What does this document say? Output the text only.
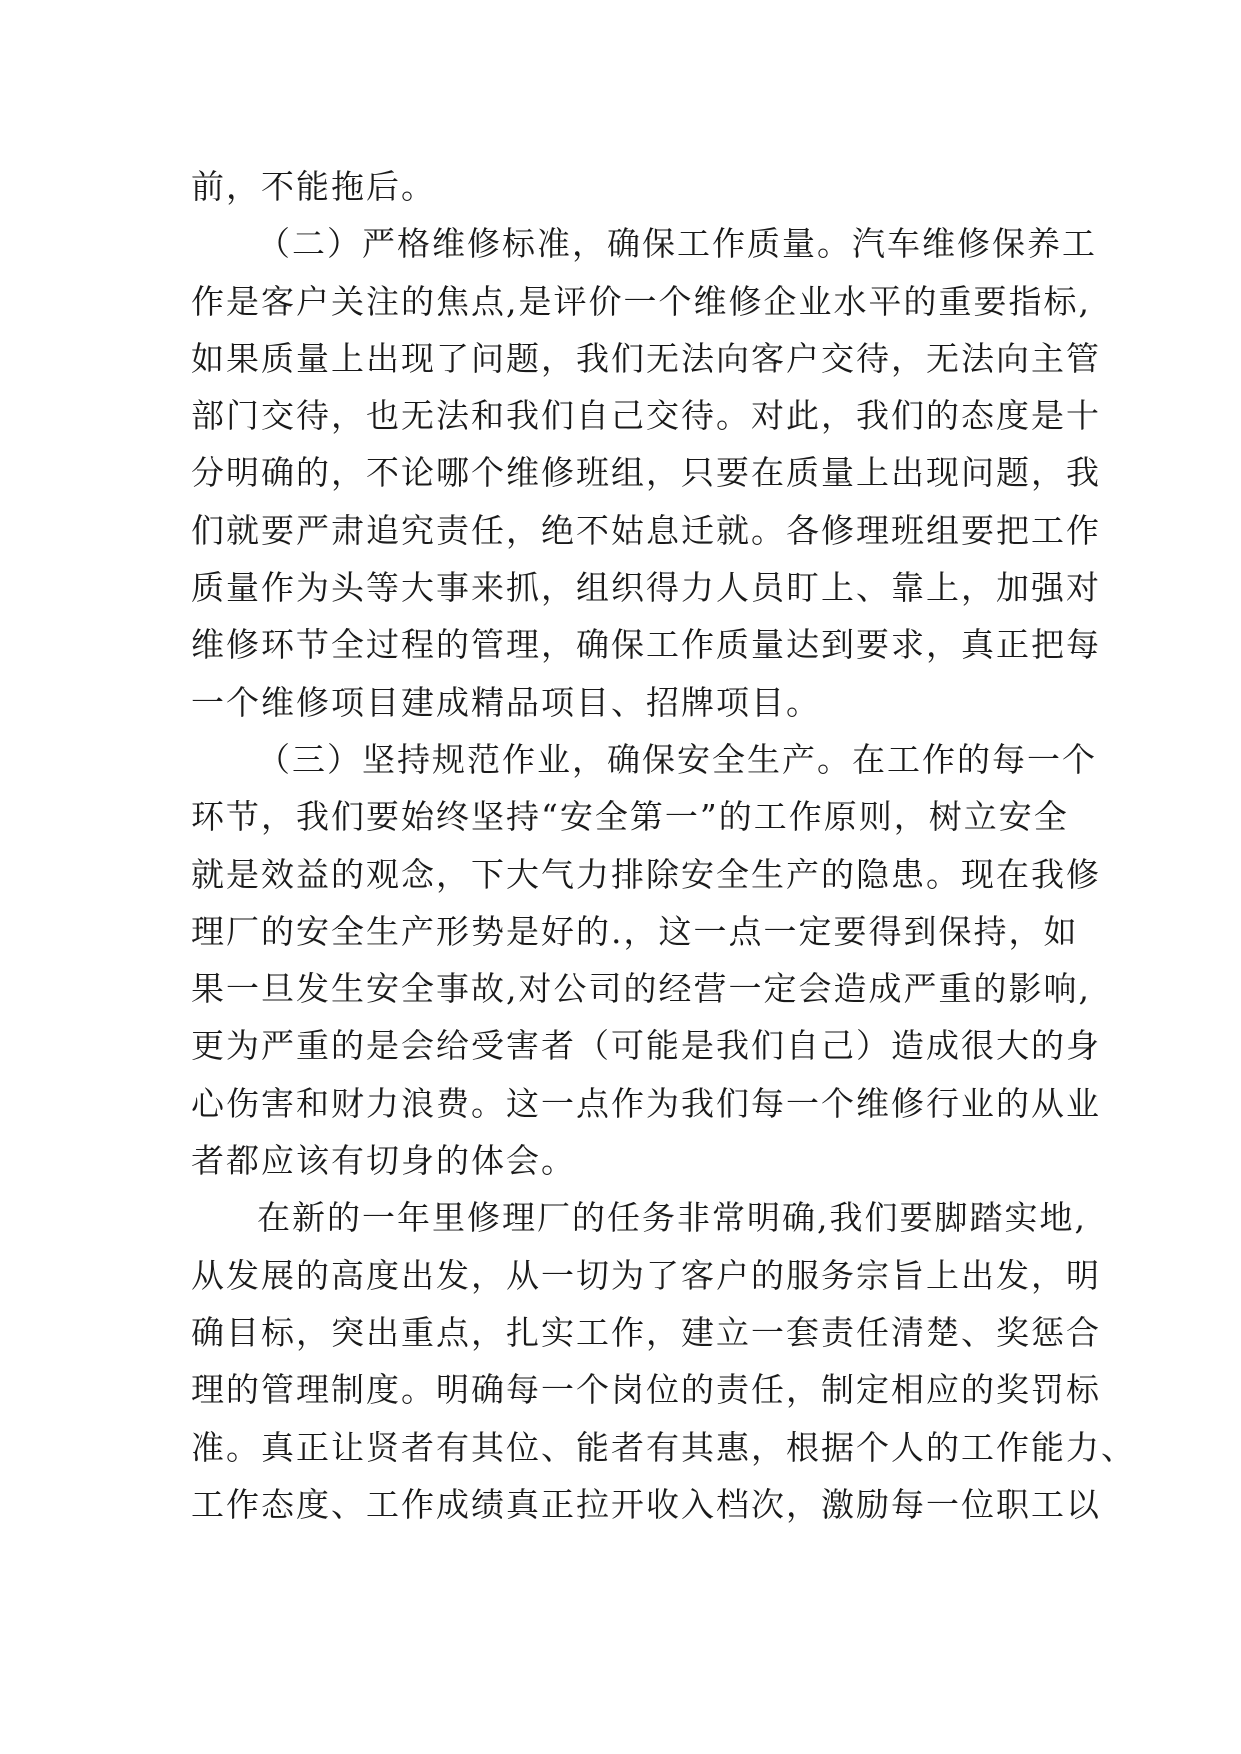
前，不能拖后。
（二）严格维修标准，确保工作质量。汽车维修保养工
作是客户关注的焦点,是评价一个维修企业水平的重要指标,
如果质量上出现了问题，我们无法向客户交待，无法向主管
部门交待，也无法和我们自己交待。对此，我们的态度是十
分明确的，不论哪个维修班组，只要在质量上出现问题，我
们就要严肃追究责任，绝不姑息迁就。各修理班组要把工作
质量作为头等大事来抓，组织得力人员盯上、靠上，加强对
维修环节全过程的管理，确保工作质量达到要求，真正把每
一个维修项目建成精品项目、招牌项目。
（三）坚持规范作业，确保安全生产。在工作的每一个
环节，我们要始终坚持“安全第一”的工作原则，树立安全
就是效益的观念，下大气力排除安全生产的隐患。现在我修
理厂的安全生产形势是好的.，这一点一定要得到保持，如
果一旦发生安全事故,对公司的经营一定会造成严重的影响,
更为严重的是会给受害者（可能是我们自己）造成很大的身
心伤害和财力浪费。这一点作为我们每一个维修行业的从业
者都应该有切身的体会。
在新的一年里修理厂的任务非常明确,我们要脚踏实地,
从发展的高度出发，从一切为了客户的服务宗旨上出发，明
确目标，突出重点，扎实工作，建立一套责任清楚、奖惩合
理的管理制度。明确每一个岗位的责任，制定相应的奖罚标
准。真正让贤者有其位、能者有其惠，根据个人的工作能力、
工作态度、工作成绩真正拉开收入档次，激励每一位职工以
